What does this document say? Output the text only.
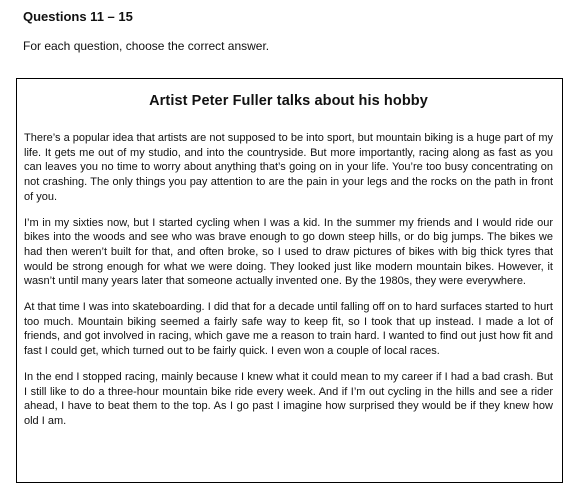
Questions 11 – 15

For each question, choose the correct answer.

Artist Peter Fuller talks about his hobby

There’s a popular idea that artists are not supposed to be into sport, but mountain biking is a huge part of my life. It gets me out of my studio, and into the countryside. But more importantly, racing along as fast as you can leaves you no time to worry about anything that’s going on in your life. You’re too busy concentrating on not crashing. The only things you pay attention to are the pain in your legs and the rocks on the path in front of you.

I’m in my sixties now, but I started cycling when I was a kid. In the summer my friends and I would ride our bikes into the woods and see who was brave enough to go down steep hills, or do big jumps. The bikes we had then weren’t built for that, and often broke, so I used to draw pictures of bikes with big thick tyres that would be strong enough for what we were doing. They looked just like modern mountain bikes. However, it wasn’t until many years later that someone actually invented one. By the 1980s, they were everywhere.

At that time I was into skateboarding. I did that for a decade until falling off on to hard surfaces started to hurt too much. Mountain biking seemed a fairly safe way to keep fit, so I took that up instead. I made a lot of friends, and got involved in racing, which gave me a reason to train hard. I wanted to find out just how fit and fast I could get, which turned out to be fairly quick. I even won a couple of local races.

In the end I stopped racing, mainly because I knew what it could mean to my career if I had a bad crash. But I still like to do a three-hour mountain bike ride every week. And if I’m out cycling in the hills and see a rider ahead, I have to beat them to the top. As I go past I imagine how surprised they would be if they knew how old I am.
